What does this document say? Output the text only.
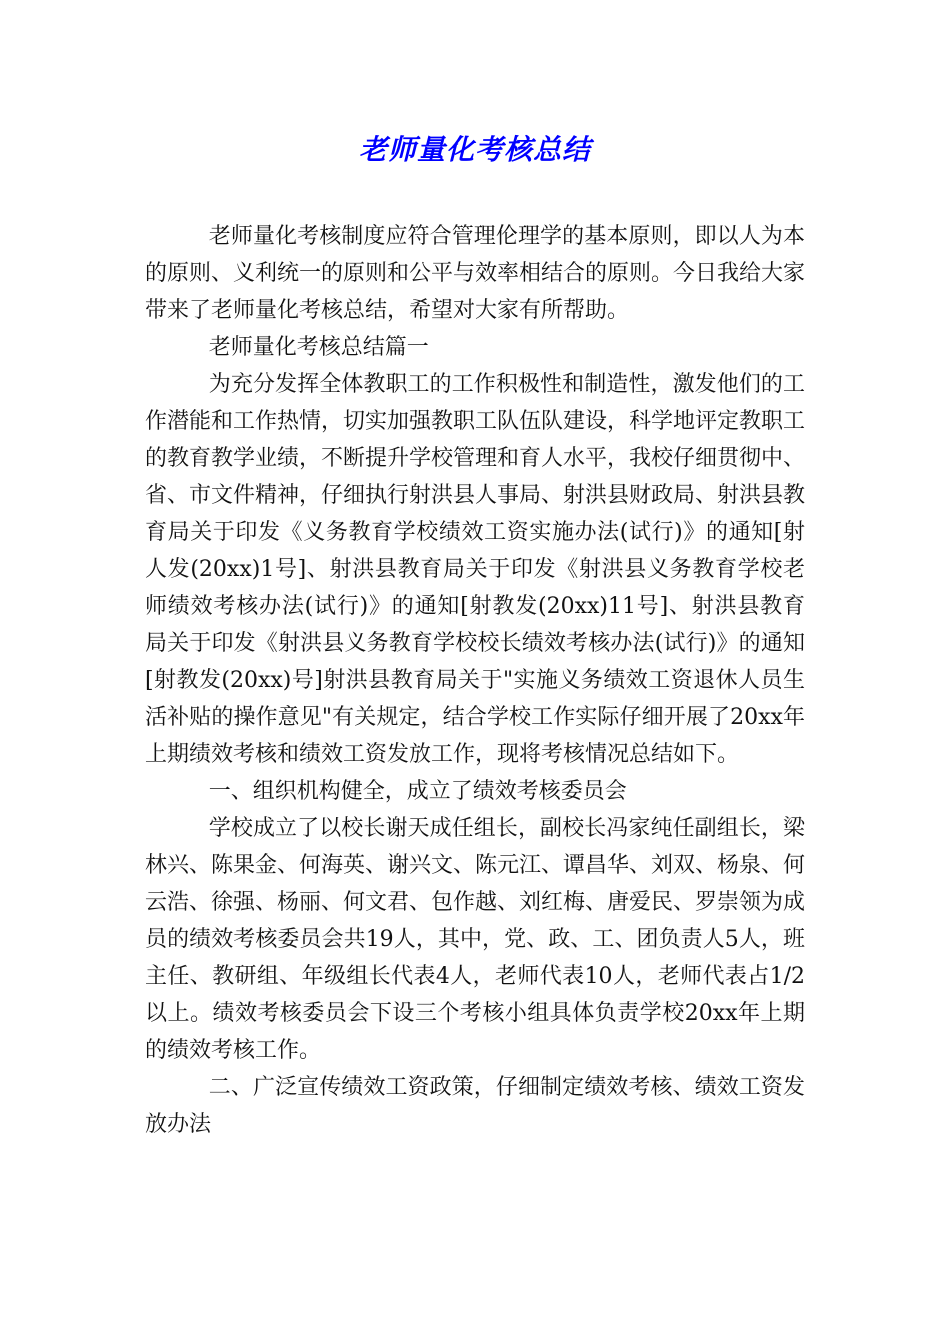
老师量化考核总结

老师量化考核制度应符合管理伦理学的基本原则，即以人为本的原则、义利统一的原则和公平与效率相结合的原则。今日我给大家带来了老师量化考核总结，希望对大家有所帮助。

老师量化考核总结篇一

为充分发挥全体教职工的工作积极性和制造性，激发他们的工作潜能和工作热情，切实加强教职工队伍队建设，科学地评定教职工的教育教学业绩，不断提升学校管理和育人水平，我校仔细贯彻中、省、市文件精神，仔细执行射洪县人事局、射洪县财政局、射洪县教育局关于印发《义务教育学校绩效工资实施办法(试行)》的通知[射人发(20xx)1号]、射洪县教育局关于印发《射洪县义务教育学校老师绩效考核办法(试行)》的通知[射教发(20xx)11号]、射洪县教育局关于印发《射洪县义务教育学校校长绩效考核办法(试行)》的通知[射教发(20xx)号]射洪县教育局关于"实施义务绩效工资退休人员生活补贴的操作意见"有关规定，结合学校工作实际仔细开展了20xx年上期绩效考核和绩效工资发放工作，现将考核情况总结如下。

一、组织机构健全，成立了绩效考核委员会

学校成立了以校长谢天成任组长，副校长冯家纯任副组长，梁林兴、陈果金、何海英、谢兴文、陈元江、谭昌华、刘双、杨泉、何云浩、徐强、杨丽、何文君、包作越、刘红梅、唐爱民、罗崇领为成员的绩效考核委员会共19人，其中，党、政、工、团负责人5人，班主任、教研组、年级组长代表4人，老师代表10人，老师代表占1/2以上。绩效考核委员会下设三个考核小组具体负责学校20xx年上期的绩效考核工作。

二、广泛宣传绩效工资政策，仔细制定绩效考核、绩效工资发放办法
